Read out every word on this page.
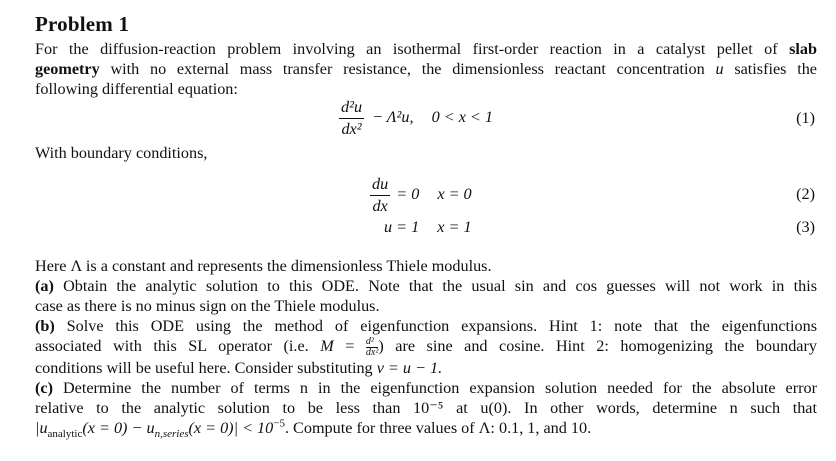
Problem 1
For the diffusion-reaction problem involving an isothermal first-order reaction in a catalyst pellet of slab
geometry with no external mass transfer resistance, the dimensionless reactant concentration u satisfies the
following differential equation:
$\frac{\text{d²u}}{\text{dx²}} - \Lambda^2u$, 0 < x < 1	(1)
With boundary conditions,
$\frac{du}{dx} = 0$ x = 0	(2)
u = 1 x = 1	(3)
Here Λ is a constant and represents the dimensionless Thiele modulus.
(a) Obtain the analytic solution to this ODE. Note that the usual sin and cos guesses will not work in this
case as there is no minus sign on the Thiele modulus.
(b) Solve this ODE using the method of eigenfunction expansions. Hint 1: note that the eigenfunctions
associated with this SL operator (i.e. $M = \frac{\text{d²}}{\text{dx²}}$) are sine and cosine. Hint 2: homogenizing the boundary
conditions will be useful here. Consider substituting v = u − 1.
(c) Determine the number of terms n in the eigenfunction expansion solution needed for the absolute error
relative to the analytic solution to be less than 10⁻⁵ at u(0). In other words, determine n such that
$|u_{analytic}(x = 0) - u_{n,series}(x = 0)| < 10^{-5}$. Compute for three values of Λ: 0.1, 1, and 10.
